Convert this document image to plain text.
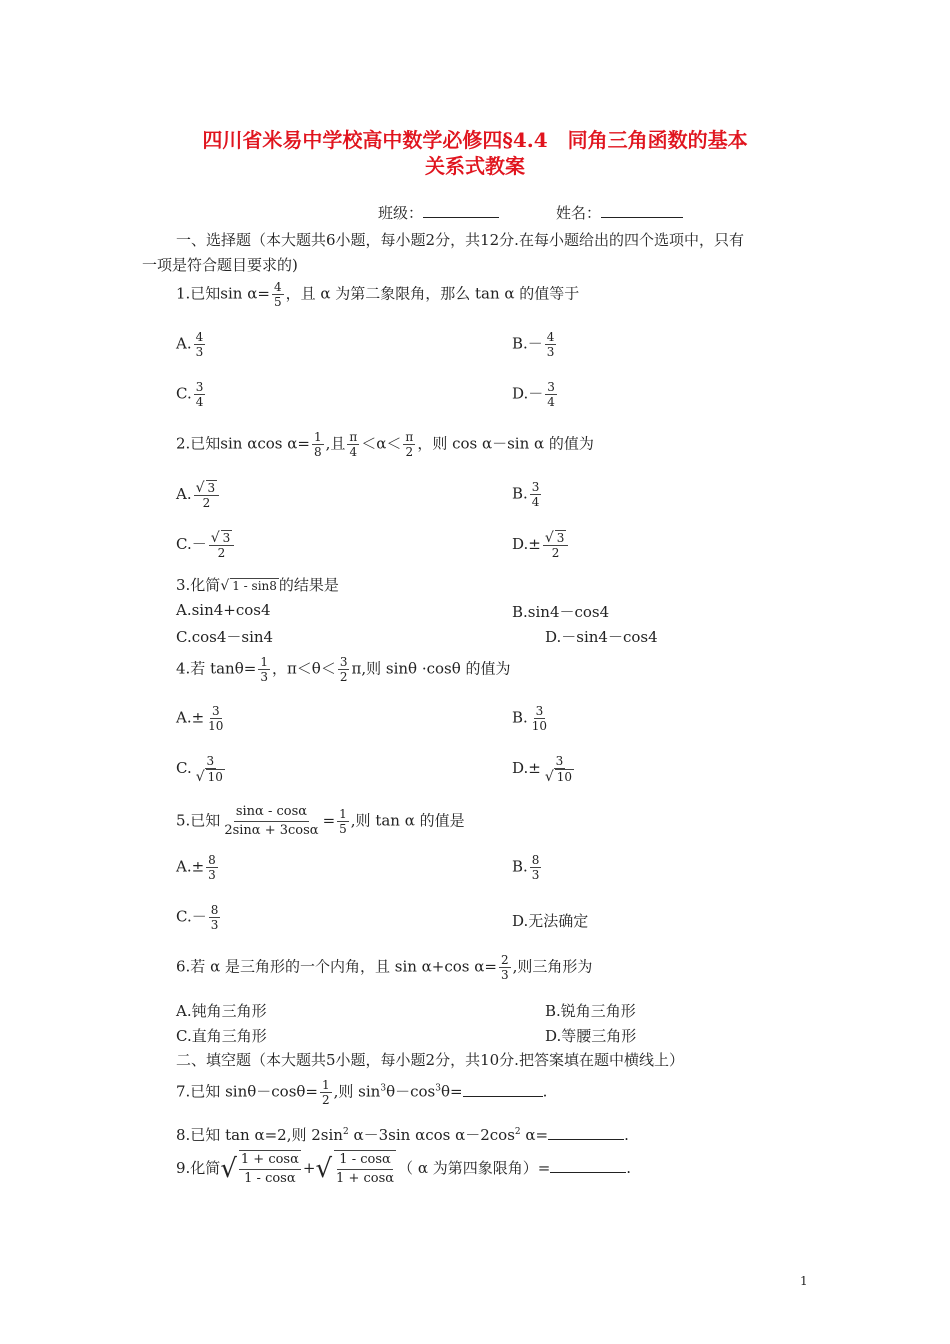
四川省米易中学校高中数学必修四§4.4　同角三角函数的基本
关系式教案
班级：	姓名：
一、选择题（本大题共6小题，每小题2分，共12分.在每小题给出的四个选项中，只有
一项是符合题目要求的)
1.已知$\sin \alpha= \frac{4}{5}$ ，且 α 为第二象限角，那么 tan α 的值等于
A. $\frac{4}{3}$	$B.- \frac{4}{3}$
C. $\frac{3}{4}$	$D.- \frac{3}{4}$
2.已知sin αcos $\alpha= \frac{1}{8}$ ,且 $\frac{\pi}{4} <\alpha< \frac{\pi}{2}$ ，则 cos α－sin α 的值为
A. $\frac{√ 3}{2}$	B. $\frac{3}{4}$
$C.- \frac{√ 3}{2}$	$D.\pm \frac{√ 3}{2}$
3.化简√ 1 - sin8 的结果是
A.sin4+cos4	B.sin4－cos4
C.cos4－sin4	D.－sin4－cos4
4.若 $\tan\theta= \frac{1}{3}$ ，$\pi<\theta< \frac{3}{2} \pi$,则 sinθ ·cosθ 的值为
$A.\pm \frac{3}{10}$	B. $\frac{3}{10}$
C. $\frac{3}{√ 10}$	$D.\pm \frac{3}{√ 10}$
5.已知 $\frac{\sin\alpha - \cos\alpha}{2\sin\alpha + 3\cos\alpha} = \frac{1}{5}$ ,则 tan α 的值是
$A.\pm \frac{8}{3}$	B. $\frac{8}{3}$
$C.- \frac{8}{3}$	D.无法确定
6.若 α 是三角形的一个内角，且 sin α+cos $\alpha= \frac{2}{3}$ ,则三角形为
A.钝角三角形	B.锐角三角形
C.直角三角形	D.等腰三角形
二、填空题（本大题共5小题，每小题2分，共10分.把答案填在题中横线上）
7.已知 $\sin\theta-\cos\theta= \frac{1}{2}$ ,则 $\sin^3\theta-\cos^3\theta=$	.
8.已知 tan α=2,则 $2\sin^2$ α－3sin αcos $\alpha-2\cos^2$ α=	.
9.化简√ $\frac{1 + \cos\alpha}{1 - \cos\alpha}$ +√ $\frac{1 - \cos\alpha}{1 + \cos\alpha}$ （ α 为第四象限角）=	.
1
